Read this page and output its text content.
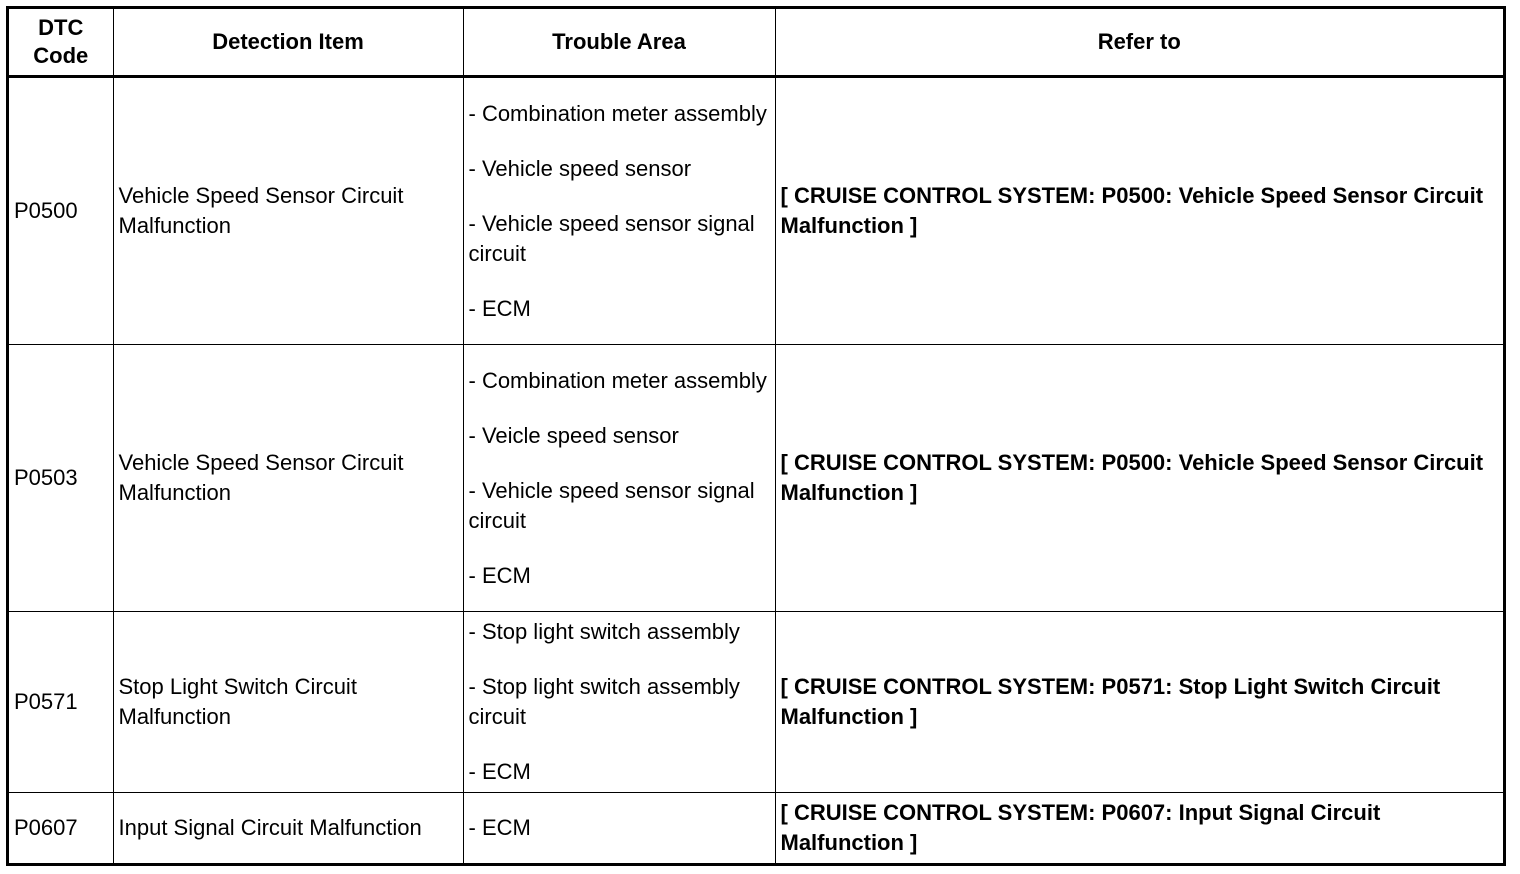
DTC
Code	Detection Item	Trouble Area	Refer to
P0500	Vehicle Speed Sensor Circuit Malfunction	- Combination meter assembly
- Vehicle speed sensor
- Vehicle speed sensor signal circuit
- ECM	[ CRUISE CONTROL SYSTEM: P0500: Vehicle Speed Sensor Circuit Malfunction ]
P0503	Vehicle Speed Sensor Circuit Malfunction	- Combination meter assembly
- Veicle speed sensor
- Vehicle speed sensor signal circuit
- ECM	[ CRUISE CONTROL SYSTEM: P0500: Vehicle Speed Sensor Circuit Malfunction ]
P0571	Stop Light Switch Circuit Malfunction	- Stop light switch assembly
- Stop light switch assembly circuit
- ECM	[ CRUISE CONTROL SYSTEM: P0571: Stop Light Switch Circuit Malfunction ]
P0607	Input Signal Circuit Malfunction	- ECM	[ CRUISE CONTROL SYSTEM: P0607: Input Signal Circuit Malfunction ]
